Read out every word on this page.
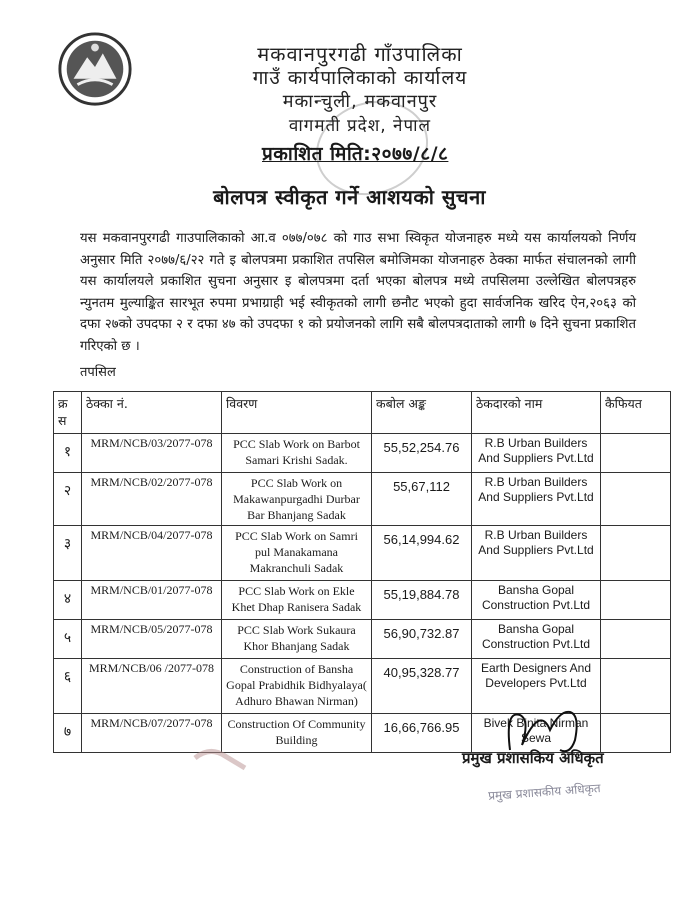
मकवानपुरगढी गाँउपालिका
गाउँ कार्यपालिकाको कार्यालय
मकान्चुली, मकवानपुर
वागमती प्रदेश, नेपाल
प्रकाशित मिति:२०७७/८/८
बोलपत्र स्वीकृत गर्ने आशयको सुचना
यस मकवानपुरगढी गाउपालिकाको आ.व ०७७/०७८ को गाउ सभा स्विकृत योजनाहरु मध्ये यस कार्यालयको निर्णय अनुसार मिति २०७७/६/२२ गते इ बोलपत्रमा प्रकाशित तपसिल बमोजिमका योजनाहरु ठेक्का मार्फत संचालनको लागी यस कार्यालयले प्रकाशित सुचना अनुसार इ बोलपत्रमा दर्ता भएका बोलपत्र मध्ये तपसिलमा उल्लेखित बोलपत्रहरु न्युनतम मुल्याङ्कित सारभूत रुपमा प्रभाग्राही भई स्वीकृतको लागी छनौट भएको हुदा सार्वजनिक खरिद ऐन,२०६३ को दफा २७को उपदफा २ र दफा ४७ को उपदफा १ को प्रयोजनको लागि सबै बोलपत्रदाताको लागी ७ दिने सुचना प्रकाशित गरिएको छ ।
तपसिल
क्र स	ठेक्का नं.	विवरण	कबोल अङ्क	ठेकदारको नाम	कैफियत
१	MRM/NCB/03/2077-078	PCC Slab Work on Barbot Samari Krishi Sadak.	55,52,254.76	R.B Urban Builders And Suppliers Pvt.Ltd	
२	MRM/NCB/02/2077-078	PCC Slab Work on Makawanpurgadhi Durbar Bar Bhanjang Sadak	55,67,112	R.B Urban Builders And Suppliers Pvt.Ltd	
३	MRM/NCB/04/2077-078	PCC Slab Work on Samri pul Manakamana Makranchuli Sadak	56,14,994.62	R.B Urban Builders And Suppliers Pvt.Ltd	
४	MRM/NCB/01/2077-078	PCC Slab Work on Ekle Khet Dhap Ranisera Sadak	55,19,884.78	Bansha Gopal Construction Pvt.Ltd	
५	MRM/NCB/05/2077-078	PCC Slab Work Sukaura Khor Bhanjang Sadak	56,90,732.87	Bansha Gopal Construction Pvt.Ltd	
६	MRM/NCB/06 /2077-078	Construction of Bansha Gopal Prabidhik Bidhyalaya( Adhuro Bhawan Nirman)	40,95,328.77	Earth Designers And Developers Pvt.Ltd	
७	MRM/NCB/07/2077-078	Construction Of Community Building	16,66,766.95	Bivek Binita Nirman Sewa	
प्रमुख प्रशासकिय अधिकृत
प्रमुख प्रशासकीय अधिकृत
